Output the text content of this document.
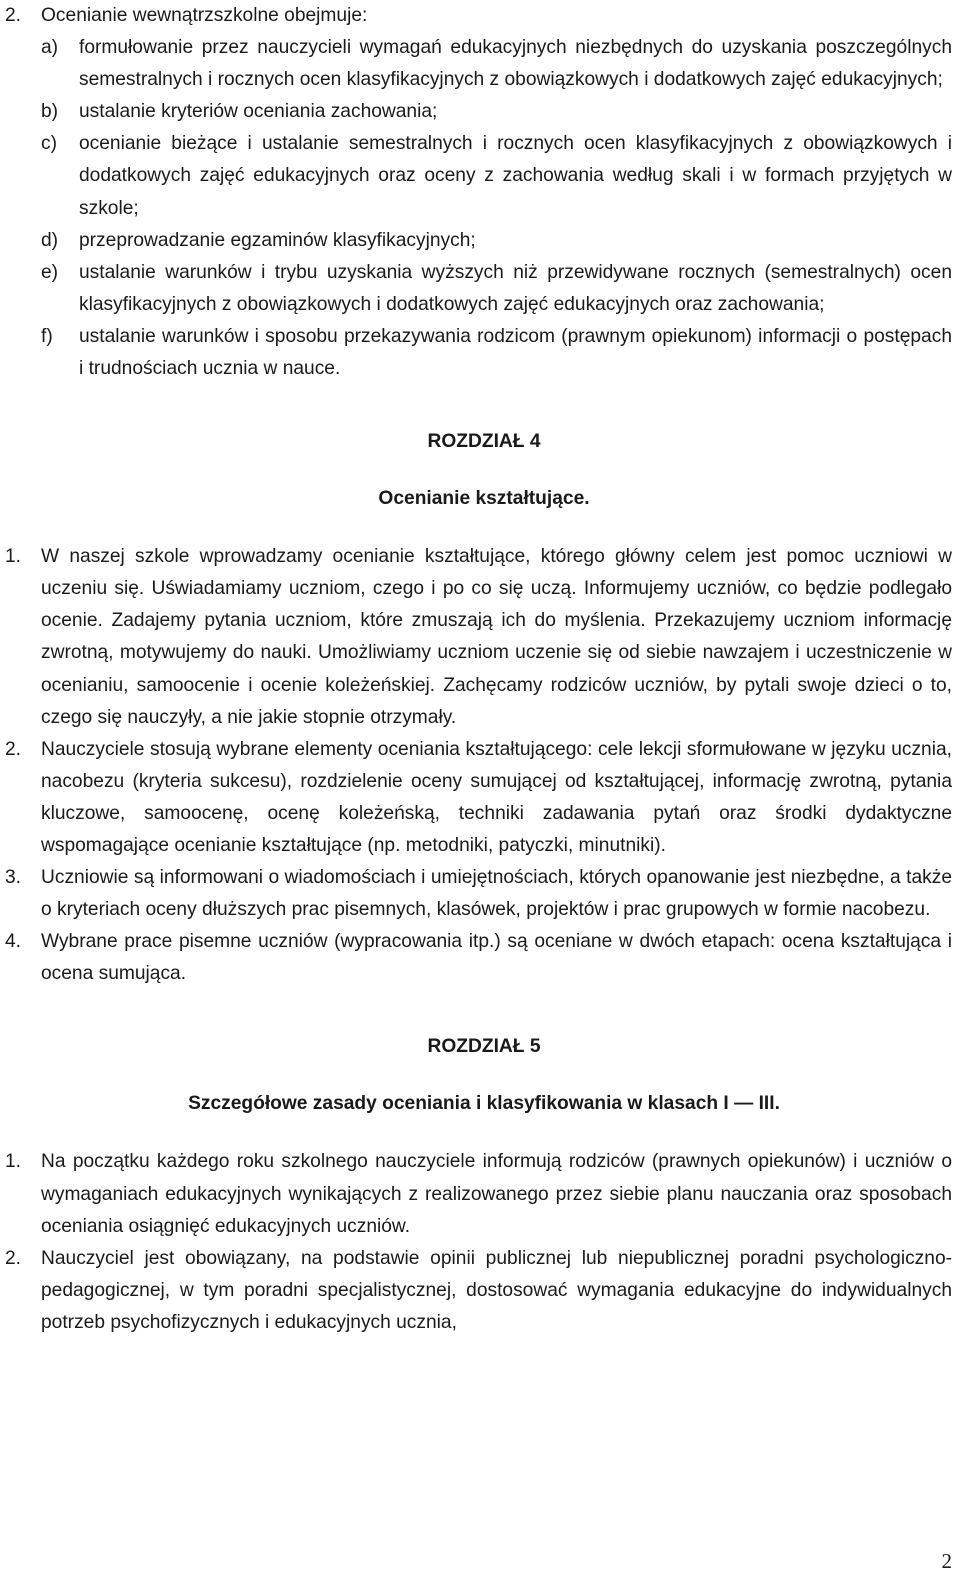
2. Ocenianie wewnątrzszkolne obejmuje:
a) formułowanie przez nauczycieli wymagań edukacyjnych niezbędnych do uzyskania poszczególnych semestralnych i rocznych ocen klasyfikacyjnych z obowiązkowych i dodatkowych zajęć edukacyjnych;
b) ustalanie kryteriów oceniania zachowania;
c) ocenianie bieżące i ustalanie semestralnych i rocznych ocen klasyfikacyjnych z obowiązkowych i dodatkowych zajęć edukacyjnych oraz oceny z zachowania według skali i w formach przyjętych w szkole;
d) przeprowadzanie egzaminów klasyfikacyjnych;
e) ustalanie warunków i trybu uzyskania wyższych niż przewidywane rocznych (semestralnych) ocen klasyfikacyjnych z obowiązkowych i dodatkowych zajęć edukacyjnych oraz zachowania;
f) ustalanie warunków i sposobu przekazywania rodzicom (prawnym opiekunom) informacji o postępach i trudnościach ucznia w nauce.
ROZDZIAŁ 4
Ocenianie kształtujące.
1. W naszej szkole wprowadzamy ocenianie kształtujące, którego główny celem jest pomoc uczniowi w uczeniu się. Uświadamiamy uczniom, czego i po co się uczą. Informujemy uczniów, co będzie podlegało ocenie. Zadajemy pytania uczniom, które zmuszają ich do myślenia. Przekazujemy uczniom informację zwrotną, motywujemy do nauki. Umożliwiamy uczniom uczenie się od siebie nawzajem i uczestniczenie w ocenianiu, samoocenie i ocenie koleżeńskiej. Zachęcamy rodziców uczniów, by pytali swoje dzieci o to, czego się nauczyły, a nie jakie stopnie otrzymały.
2. Nauczyciele stosują wybrane elementy oceniania kształtującego: cele lekcji sformułowane w języku ucznia, nacobezu (kryteria sukcesu), rozdzielenie oceny sumującej od kształtującej, informację zwrotną, pytania kluczowe, samoocenę, ocenę koleżeńską, techniki zadawania pytań oraz środki dydaktyczne wspomagające ocenianie kształtujące (np. metodniki, patyczki, minutniki).
3. Uczniowie są informowani o wiadomościach i umiejętnościach, których opanowanie jest niezbędne, a także o kryteriach oceny dłuższych prac pisemnych, klasówek, projektów i prac grupowych w formie nacobezu.
4. Wybrane prace pisemne uczniów (wypracowania itp.) są oceniane w dwóch etapach: ocena kształtująca i ocena sumująca.
ROZDZIAŁ 5
Szczegółowe zasady oceniania i klasyfikowania w klasach I — III.
1. Na początku każdego roku szkolnego nauczyciele informują rodziców (prawnych opiekunów) i uczniów o wymaganiach edukacyjnych wynikających z realizowanego przez siebie planu nauczania oraz sposobach oceniania osiągnięć edukacyjnych uczniów.
2. Nauczyciel jest obowiązany, na podstawie opinii publicznej lub niepublicznej poradni psychologiczno-pedagogicznej, w tym poradni specjalistycznej, dostosować wymagania edukacyjne do indywidualnych potrzeb psychofizycznych i edukacyjnych ucznia,
2
